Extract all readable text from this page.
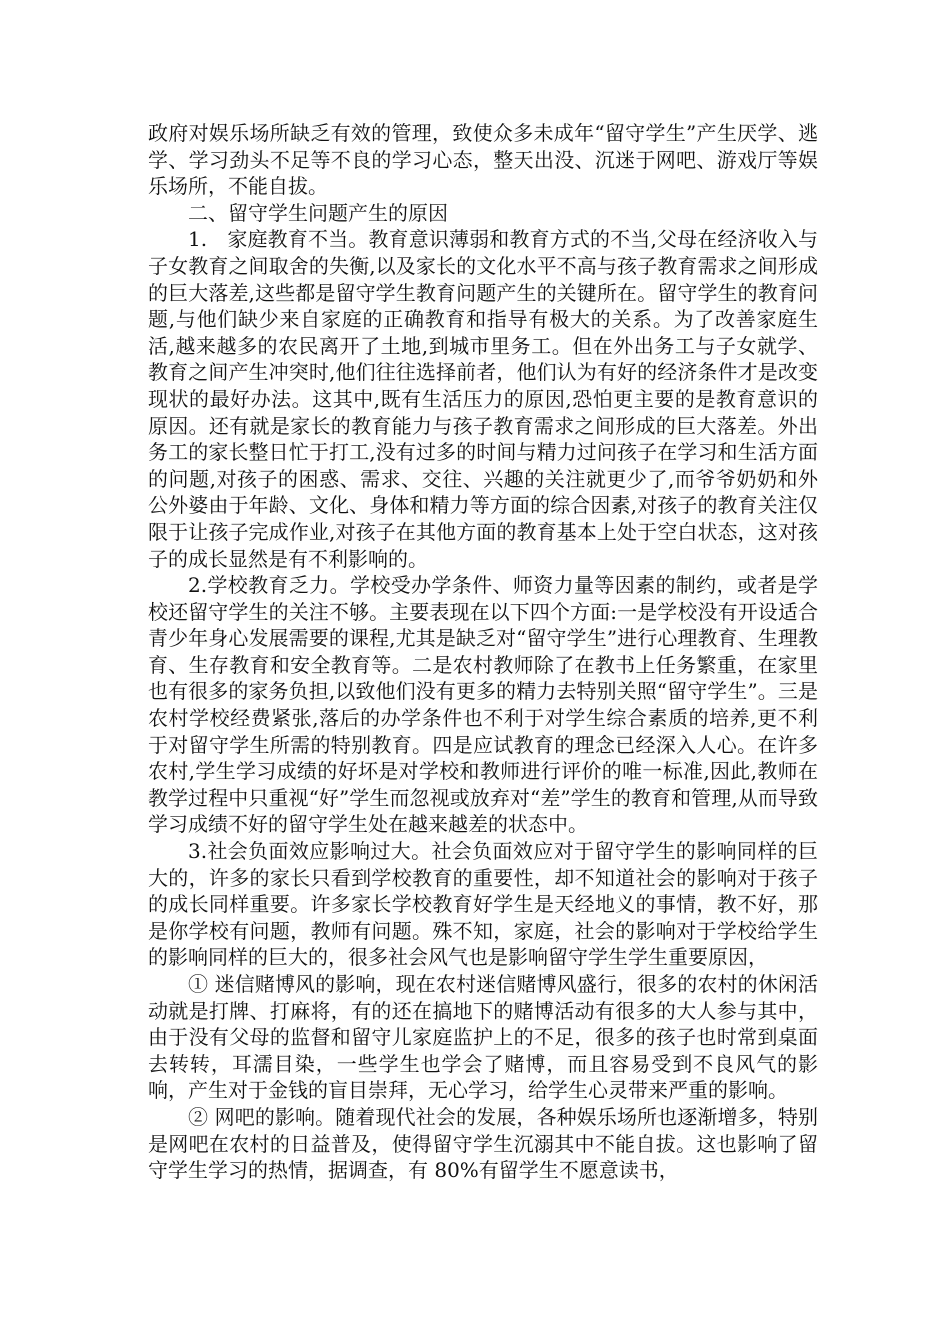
政府对娱乐场所缺乏有效的管理，致使众多未成年“留守学生”产生厌学、逃学、学习劲头不足等不良的学习心态，整天出没、沉迷于网吧、游戏厅等娱乐场所，不能自拔。

二、留守学生问题产生的原因

1.　家庭教育不当。教育意识薄弱和教育方式的不当,父母在经济收入与子女教育之间取舍的失衡,以及家长的文化水平不高与孩子教育需求之间形成的巨大落差,这些都是留守学生教育问题产生的关键所在。留守学生的教育问题,与他们缺少来自家庭的正确教育和指导有极大的关系。为了改善家庭生活,越来越多的农民离开了土地,到城市里务工。但在外出务工与子女就学、教育之间产生冲突时,他们往往选择前者，他们认为有好的经济条件才是改变现状的最好办法。这其中,既有生活压力的原因,恐怕更主要的是教育意识的原因。还有就是家长的教育能力与孩子教育需求之间形成的巨大落差。外出务工的家长整日忙于打工,没有过多的时间与精力过问孩子在学习和生活方面的问题,对孩子的困惑、需求、交往、兴趣的关注就更少了,而爷爷奶奶和外公外婆由于年龄、文化、身体和精力等方面的综合因素,对孩子的教育关注仅限于让孩子完成作业,对孩子在其他方面的教育基本上处于空白状态，这对孩子的成长显然是有不利影响的。

2.学校教育乏力。学校受办学条件、师资力量等因素的制约，或者是学校还留守学生的关注不够。主要表现在以下四个方面:一是学校没有开设适合青少年身心发展需要的课程,尤其是缺乏对“留守学生”进行心理教育、生理教育、生存教育和安全教育等。二是农村教师除了在教书上任务繁重，在家里也有很多的家务负担,以致他们没有更多的精力去特别关照“留守学生”。三是农村学校经费紧张,落后的办学条件也不利于对学生综合素质的培养,更不利于对留守学生所需的特别教育。四是应试教育的理念已经深入人心。在许多农村,学生学习成绩的好坏是对学校和教师进行评价的唯一标准,因此,教师在教学过程中只重视“好”学生而忽视或放弃对“差”学生的教育和管理,从而导致学习成绩不好的留守学生处在越来越差的状态中。

3.社会负面效应影响过大。社会负面效应对于留守学生的影响同样的巨大的，许多的家长只看到学校教育的重要性，却不知道社会的影响对于孩子的成长同样重要。许多家长学校教育好学生是天经地义的事情，教不好，那是你学校有问题，教师有问题。殊不知，家庭，社会的影响对于学校给学生的影响同样的巨大的，很多社会风气也是影响留守学生学生重要原因，

① 迷信赌博风的影响，现在农村迷信赌博风盛行，很多的农村的休闲活动就是打牌、打麻将，有的还在搞地下的赌博活动有很多的大人参与其中，由于没有父母的监督和留守儿家庭监护上的不足，很多的孩子也时常到桌面去转转，耳濡目染，一些学生也学会了赌博，而且容易受到不良风气的影响，产生对于金钱的盲目崇拜，无心学习，给学生心灵带来严重的影响。

② 网吧的影响。随着现代社会的发展，各种娱乐场所也逐渐增多，特别是网吧在农村的日益普及，使得留守学生沉溺其中不能自拔。这也影响了留守学生学习的热情，据调查，有 80%有留学生不愿意读书，
